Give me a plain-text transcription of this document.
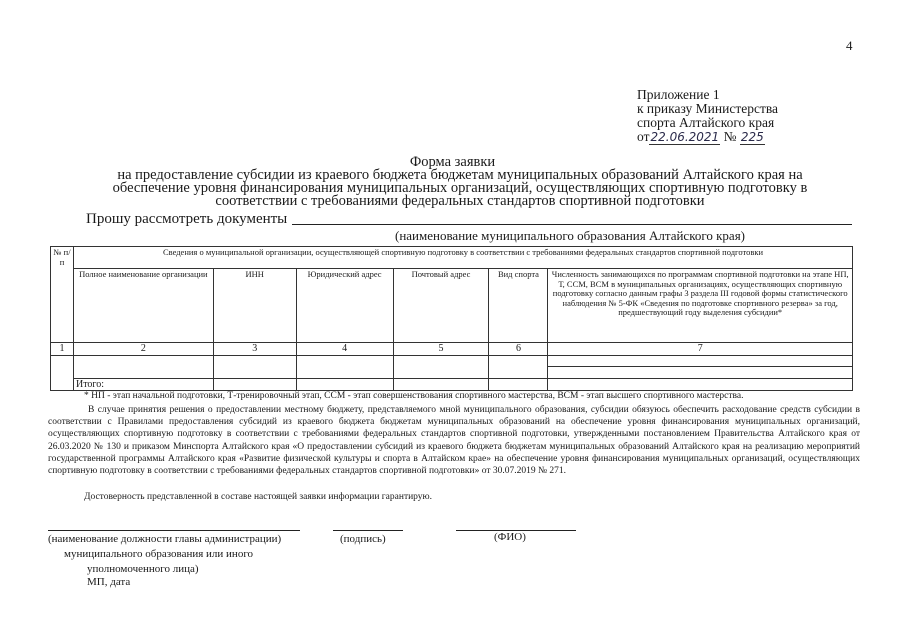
4
Приложение 1
к приказу Министерства
спорта Алтайского края
от22.06.2021 № 225
Форма заявки
на предоставление субсидии из краевого бюджета бюджетам муниципальных образований Алтайского края на
обеспечение уровня финансирования муниципальных организаций, осуществляющих спортивную подготовку в
соответствии с требованиями федеральных стандартов спортивной подготовки
Прошу рассмотреть документы
(наименование муниципального образования Алтайского края)
№ п/п	Сведения о муниципальной организации, осуществляющей спортивную подготовку в соответствии с требованиями федеральных стандартов спортивной подготовки					
	Полное наименование организации	ИНН	Юридический адрес	Почтовый адрес	Вид спорта	Численность занимающихся по программам спортивной подготовки на этапе НП, Т, ССМ, ВСМ в муниципальных организациях, осуществляющих спортивную подготовку согласно данным графы 3 раздела III годовой формы статистического наблюдения № 5-ФК «Сведения по подготовке спортивного резерва» за год, предшествующий году выделения субсидии*
1	2	3	4	5	6	7

	Итого:					
* НП - этап начальной подготовки, Т-тренировочный этап, ССМ - этап совершенствования спортивного мастерства, ВСМ - этап высшего спортивного мастерства.
В случае принятия решения о предоставлении местному бюджету, представляемого мной муниципального образования, субсидии обязуюсь обеспечить расходование средств субсидии в соответствии с Правилами предоставления субсидий из краевого бюджета бюджетам муниципальных образований на обеспечение уровня финансирования муниципальных организаций, осуществляющих спортивную подготовку в соответствии с требованиями федеральных стандартов спортивной подготовки, утвержденными постановлением Правительства Алтайского края от 26.03.2020 № 130 и приказом Минспорта Алтайского края «О предоставлении субсидий из краевого бюджета бюджетам муниципальных образований Алтайского края на реализацию мероприятий государственной программы Алтайского края «Развитие физической культуры и спорта в Алтайском крае» на обеспечение уровня финансирования муниципальных организаций, осуществляющих спортивную подготовку в соответствии с требованиями федеральных стандартов спортивной подготовки» от 30.07.2019 № 271.
Достоверность представленной в составе настоящей заявки информации гарантирую.
(наименование должности главы администрации)	(подпись)	(ФИО)
муниципального образования или иного
уполномоченного лица)
МП, дата
